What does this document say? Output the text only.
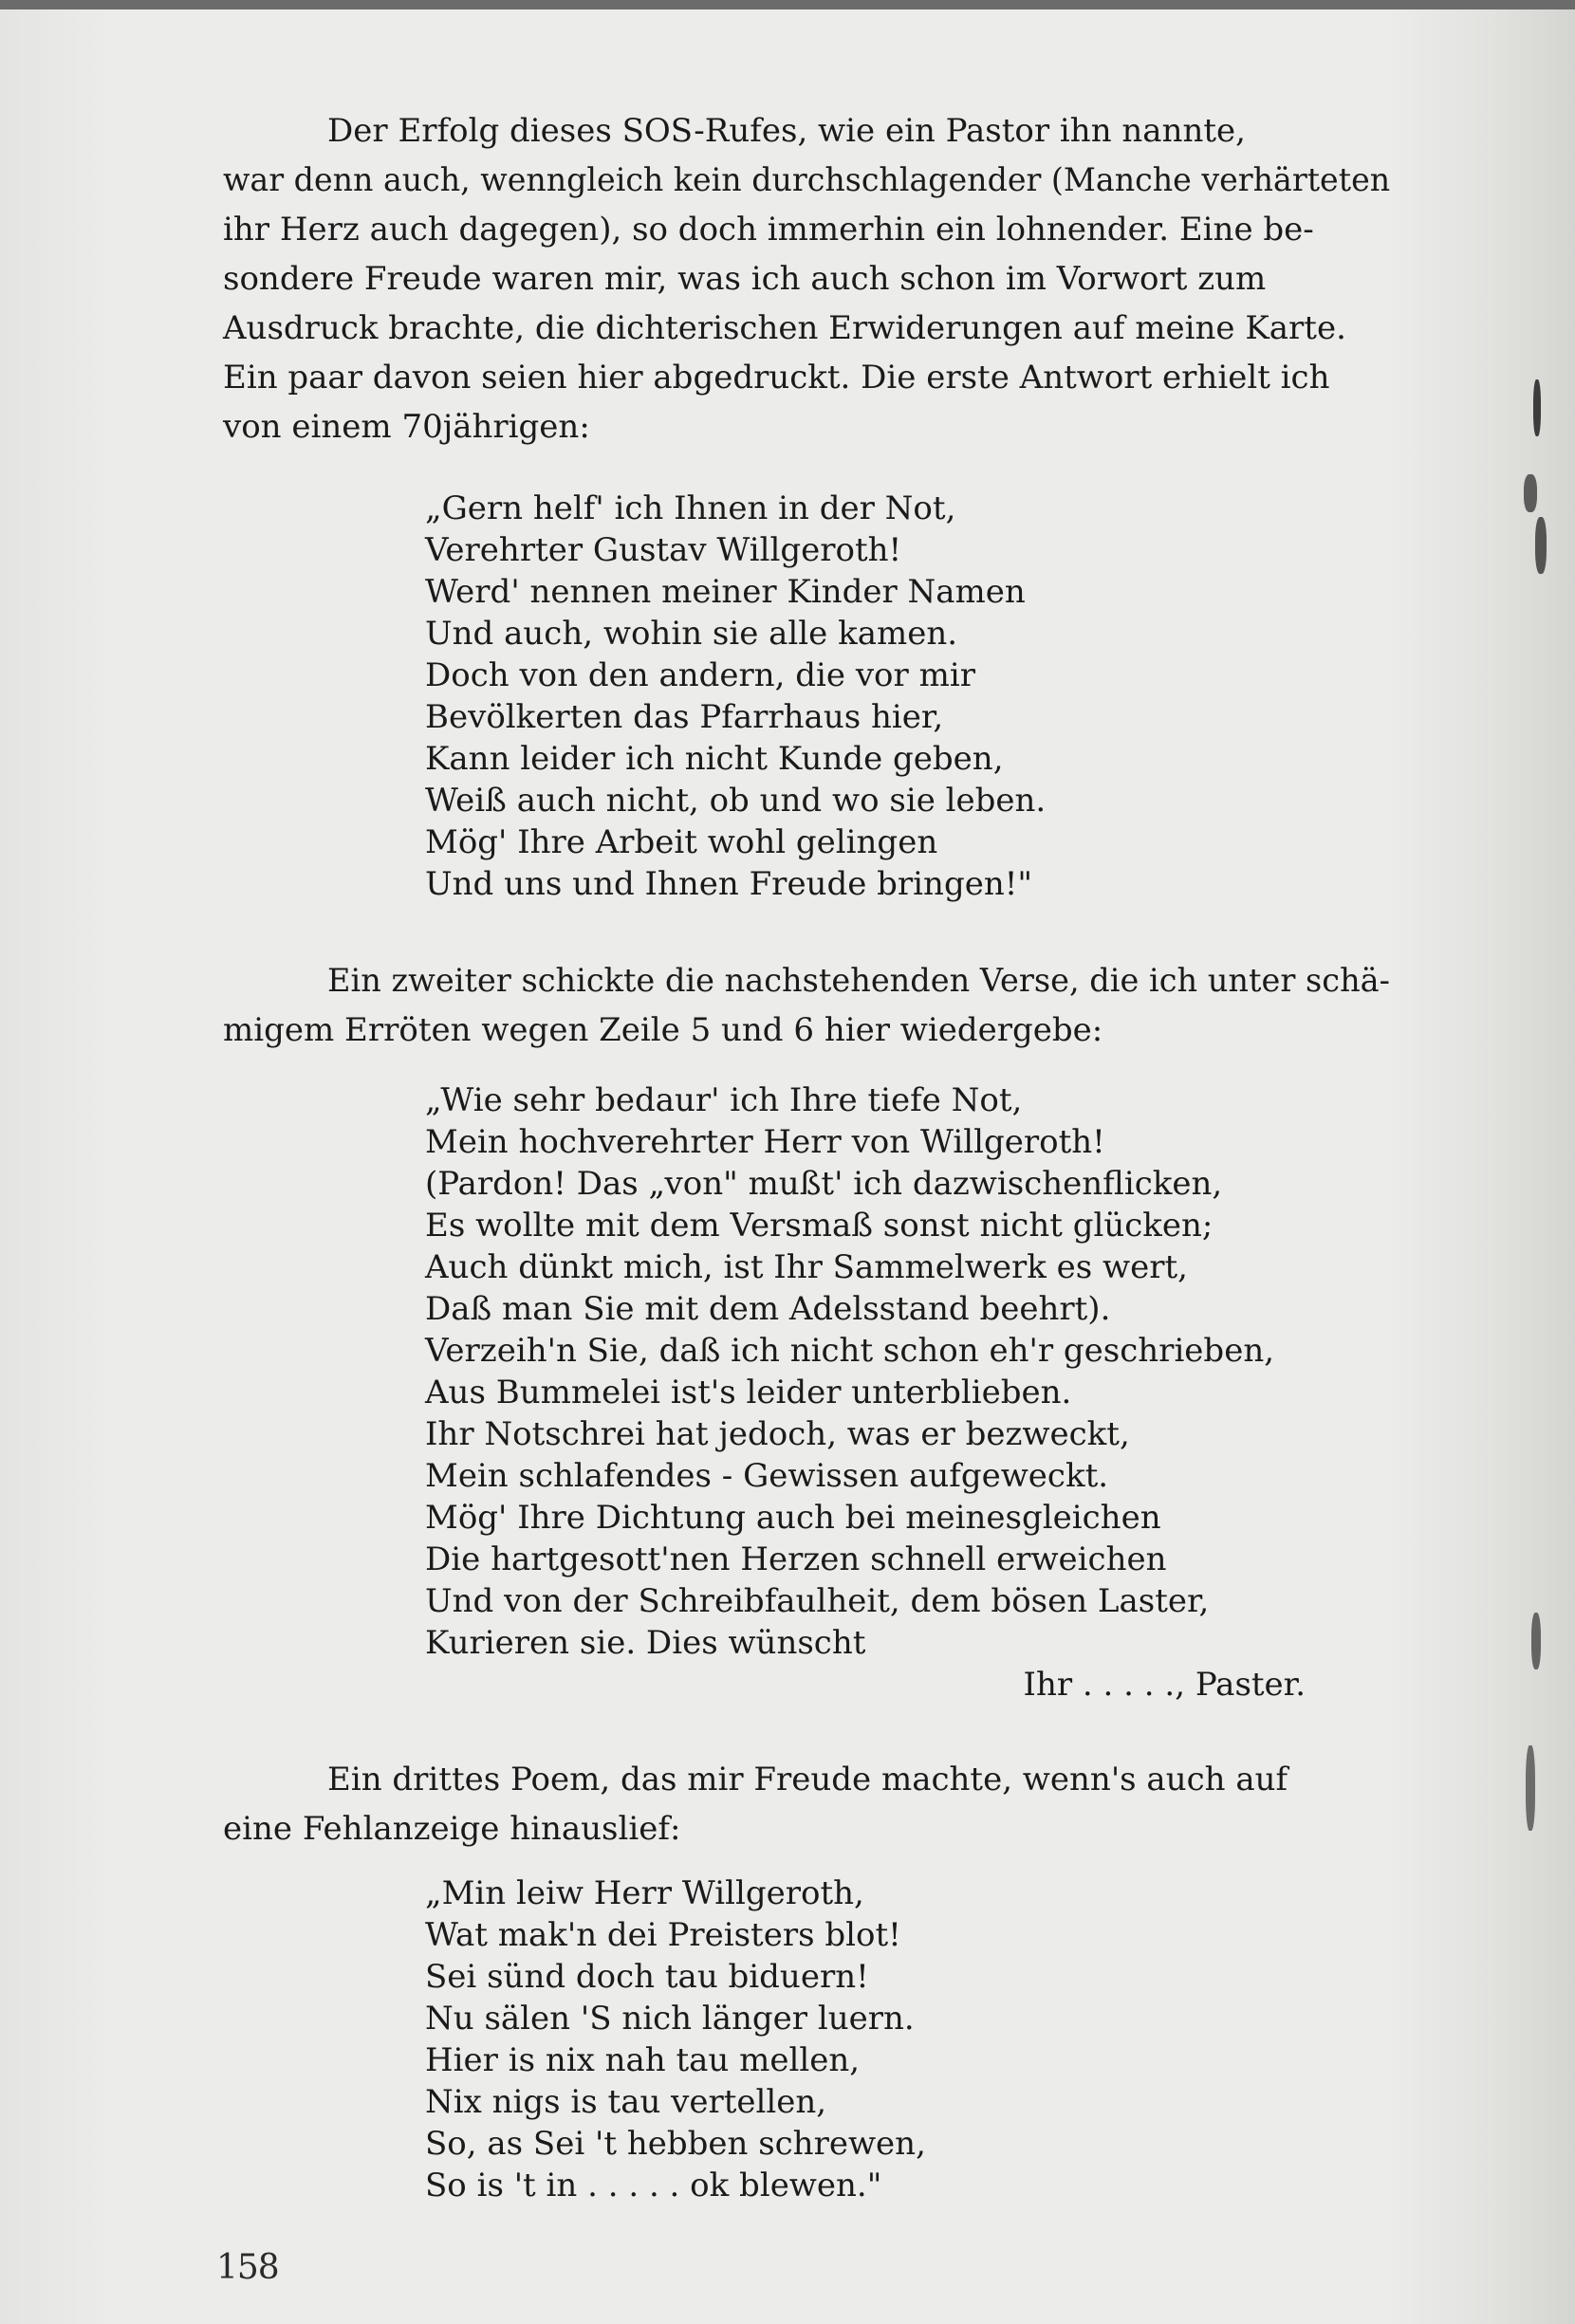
Der Erfolg dieses SOS-Rufes, wie ein Pastor ihn nannte,
war denn auch, wenngleich kein durchschlagender (Manche verhärteten
ihr Herz auch dagegen), so doch immerhin ein lohnender. Eine be-
sondere Freude waren mir, was ich auch schon im Vorwort zum
Ausdruck brachte, die dichterischen Erwiderungen auf meine Karte.
Ein paar davon seien hier abgedruckt. Die erste Antwort erhielt ich
von einem 70jährigen:
„Gern helf' ich Ihnen in der Not,
Verehrter Gustav Willgeroth!
Werd' nennen meiner Kinder Namen
Und auch, wohin sie alle kamen.
Doch von den andern, die vor mir
Bevölkerten das Pfarrhaus hier,
Kann leider ich nicht Kunde geben,
Weiß auch nicht, ob und wo sie leben.
Mög' Ihre Arbeit wohl gelingen
Und uns und Ihnen Freude bringen!"
Ein zweiter schickte die nachstehenden Verse, die ich unter schä-
migem Erröten wegen Zeile 5 und 6 hier wiedergebe:
„Wie sehr bedaur' ich Ihre tiefe Not,
Mein hochverehrter Herr von Willgeroth!
(Pardon! Das „von" mußt' ich dazwischenflicken,
Es wollte mit dem Versmaß sonst nicht glücken;
Auch dünkt mich, ist Ihr Sammelwerk es wert,
Daß man Sie mit dem Adelsstand beehrt).
Verzeih'n Sie, daß ich nicht schon eh'r geschrieben,
Aus Bummelei ist's leider unterblieben.
Ihr Notschrei hat jedoch, was er bezweckt,
Mein schlafendes - Gewissen aufgeweckt.
Mög' Ihre Dichtung auch bei meinesgleichen
Die hartgesott'nen Herzen schnell erweichen
Und von der Schreibfaulheit, dem bösen Laster,
Kurieren sie. Dies wünscht
Ihr . . . . ., Paster.
Ein drittes Poem, das mir Freude machte, wenn's auch auf
eine Fehlanzeige hinauslief:
„Min leiw Herr Willgeroth,
Wat mak'n dei Preisters blot!
Sei sünd doch tau biduern!
Nu sälen 'S nich länger luern.
Hier is nix nah tau mellen,
Nix nigs is tau vertellen,
So, as Sei 't hebben schrewen,
So is 't in . . . . . ok blewen."
158
